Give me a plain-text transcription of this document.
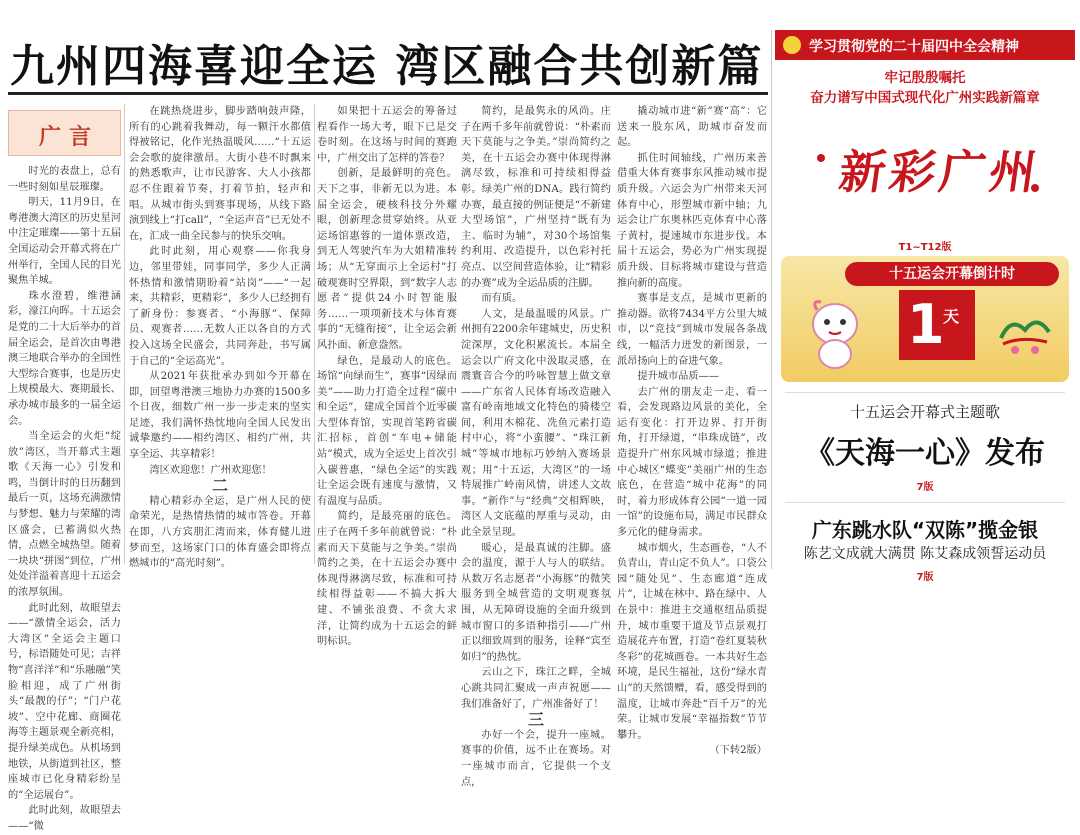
九州四海喜迎全运 湾区融合共创新篇
广言

时光的表盘上，总有一些时刻如星辰璀璨。

明天，11月9日，在粤港澳大湾区的历史星河中注定璀璨——第十五届全国运动会开幕式将在广州举行，全国人民的目光聚焦羊城。

珠水澄碧，维港涵彩，濠江向晖。十五运会是党的二十大后举办的首届全运会，是首次由粤港澳三地联合举办的全国性大型综合赛事，也是历史上规模最大、赛期最长、承办城市最多的一届全运会。

当全运会的火炬“绽放”湾区，当开幕式主题歌《天海一心》引发和鸣，当倒计时的日历翻到最后一页，这场充满激情与梦想、魅力与荣耀的湾区盛会，已蓄满似火热情，点燃全城热望。随着一块块“拼图”到位，广州处处洋溢着喜迎十五运会的浓厚氛围。

此时此刻，故眼望去——“激情全运会，活力大湾区”全运会主题口号，标语随处可见；吉祥物“喜洋洋”和“乐融融”笑脸相迎，成了广州街头“最靓的仔”；“门户花坡”、空中花廊、商圈花海等主题景观全新亮相，提升绿美成色。从机场到地铁，从街道到社区，整座城市已化身精彩纷呈的“全运展台”。

此时此刻，故眼望去——“微

在跳热烧进步，脚步踏响鼓声隆，所有的心跳着我舞动，每一颗汗水都值得被铭记，化作光热温暖风……“十五运会会歌的旋律激昂。大街小巷不时飘来的熟悉歌声，让市民游客、大人小孩都忍不住跟着节奏，打着节拍，轻声和唱。从城市街头到赛事现场，从线下路演到线上“打call”，“全运声音”已无处不在，汇成一曲全民参与的快乐交响。

此时此刻，用心观察——你我身边，邻里带娃，同事同学，多少人正满怀热情和激情期盼着“站岗”——“一起来，共精彩，更精彩”，多少人已经拥有了新身份：参赛者、“小海豚”、保障员、观赛者……无数人正以各自的方式投入这场全民盛会，共同奔赴，书写属于自己的“全运高光”。

从2021年获批承办到如今开幕在即，回望粤港澳三地协力办赛的1500多个日夜，细数广州一步一步走来的坚实足迹，我们满怀热忱地向全国人民发出诚挚邀约——相约湾区、相约广州，共享全运、共享精彩！

湾区欢迎您！广州欢迎您！

二

精心精彩办全运，是广州人民的使命荣光，是热情热情的城市答卷。开幕在即，八方宾朋汇湾而来，体育健儿进梦而至，这场家门口的体育盛会即将点燃城市的“高光时刻”。

如果把十五运会的筹备过程看作一场大考，眼下已是交卷时刻。在这场与时间的赛跑中，广州交出了怎样的答卷？

创新，是最鲜明的亮色。天下之事，非新无以为进。本届全运会，硬核科技分外耀眼，创新理念贯穿始终。从亚运场馆惠蓉的一道体票改造，到无人驾驶汽车为大姐精准转场；从“无穿面示上全运村”打破观赛时空界限，到“数字人志愿者”提供24小时智能服务……一项项新技术与体育赛事的“无缝衔接”，让全运会新风扑面、新意盎然。

绿色，是最动人的底色。场馆“向绿而生”，赛事“因绿而美”——助力打造全过程“碳中和全运”，建成全国首个近零碳大型体育馆，实现首笔跨省碳汇招标，首创“车电+储能站”模式，成为全运史上首次引入碳普惠，“绿色全运”的实践让全运会既有速度与激情，又有温度与品质。

简约，是最亮丽的底色。庄子在两千多年前就曾说：“朴素而天下莫能与之争美。”崇尚简约之美，在十五运会办赛中体现得淋漓尽致，标准和可持续相得益彰——不搞大拆大建、不铺张浪费、不贪大求洋，让简约成为十五运会的鲜明标识。

简约，是最隽永的风尚。庄子在两千多年前就曾说：“朴素而天下莫能与之争美。”崇尚简约之美，在十五运会办赛中体现得淋漓尽致，标准和可持续相得益彰。绿美广州的DNA。践行简约办赛，最直接的例证便是“不新建大型场馆”，广州坚持“既有为主、临时为辅”，对30个场馆集约利用、改造提升，以色彩衬托亮点、以空间营造体验，让“精彩的办赛”成为全运品质的注脚。

而有质。

人文，是最温暖的风景。广州拥有2200余年建城史，历史积淀深厚，文化积累流长。本届全运会以广府文化中汲取灵感，在震寰音合今的吟咏智慧上做文章——广东省人民体育场改造融入富有岭南地域文化特色的骑楼空间，利用木棉花、冼鱼元素打造村中心，将“小蛮腰”、“珠江新城”等城市地标巧妙纳入赛场景观；用“十五运，大湾区”的一场特展推广岭南风情，讲述人文故事。“新作”与“经典”交相辉映，湾区人文底蕴的厚重与灵动，由此全景呈现。

暖心，是最真诚的注脚。盛会的温度，源于人与人的联结。从数万名志愿者“小海豚”的微笑服务到全城营造的文明观赛氛围，从无障碍设施的全面升级到城市窗口的多语种指引——广州正以细致周到的服务，诠释“宾至如归”的热忱。

云山之下，珠江之畔，全城心跳共同汇聚成一声声祝愿——我们准备好了，广州准备好了！

三

办好一个会，提升一座城。赛事的价值，远不止在赛场。对一座城市而言，它提供一个支点，

撬动城市进“新”赛“高”：它送来一股东风，助城市奋发而起。

抓住时间轴线，广州历来善借重大体育赛事东风推动城市提质升级。六运会为广州带来天河体育中心，形塑城市新中轴；九运会让广东奥林匹克体育中心落子黄村，提速城市东进步伐。本届十五运会，势必为广州实现提质升级、目标将城市建设与营造推向新的高度。

赛事是支点，是城市更新的推动器。欲将7434平方公里大城市，以“竞技”到城市发展各条战线，一幅活力迸发的新图景，一派昂扬向上的奋进气象。

提升城市品质——

去广州的朋友走一走、看一看，会发现路边风景的美化，全运有变化：打开边界、打开街角，打开绿道，“串珠成链”，改造提升广州东风城市绿道；推进中心城区“蝶变”美丽广州的生态底色，在营造“城中花海”的同时，着力形成体育公园“一道一园一馆”的设施布局，满足市民群众多元化的健身需求。

城市烟火，生态画卷，“人不负青山，青山定不负人”。口袋公园“随处见”、生态廊道“连成片”，让城在林中、路在绿中、人在景中：推进主交通枢纽品质提升，城市重要干道及节点景观打造展花卉布置，打造“卷红夏装秋冬彩”的花城画卷。一本共好生态环境，是民生福祉，这份“绿水青山”的天然馈赠，看，感受得到的温度，让城市奔赴“百千万”的光荣。让城市发展“幸福指数”节节攀升。

（下转2版）

学习贯彻党的二十届四中全会精神
牢记殷殷嘱托
奋力谱写中国式现代化广州实践新篇章
新彩广州
T1~T12版
十五运会开幕倒计时
1
天
十五运会开幕式主题歌
《天海一心》发布
7版
广东跳水队“双陈”揽金银
陈艺文成就大满贯 陈艾森成领誓运动员
7版
